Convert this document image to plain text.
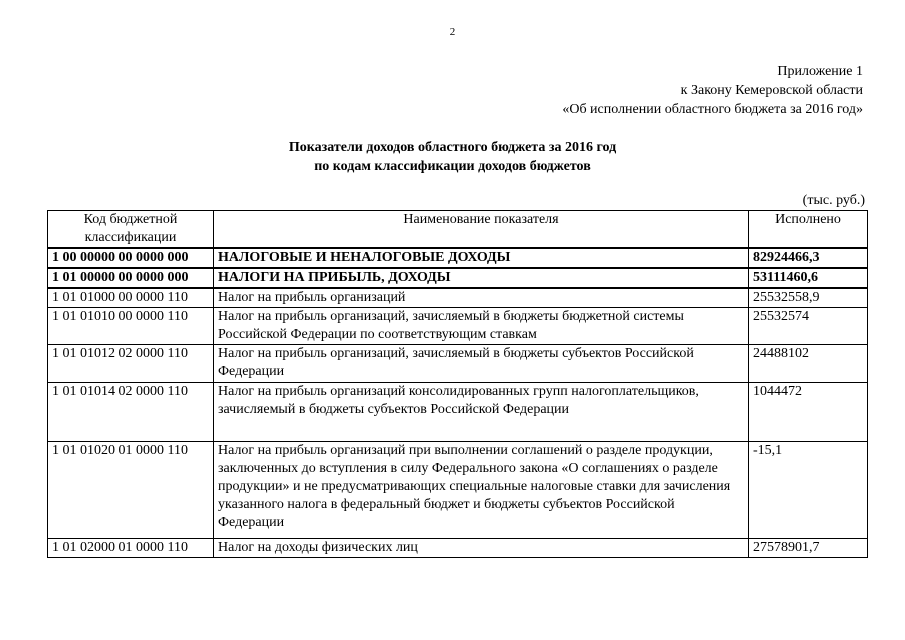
2
Приложение 1
к Закону Кемеровской области
«Об исполнении областного бюджета за 2016 год»
Показатели доходов областного бюджета за 2016 год
по кодам классификации доходов бюджетов
(тыс. руб.)
Код бюджетной классификации	Наименование показателя	Исполнено
1 00 00000 00 0000 000	НАЛОГОВЫЕ И НЕНАЛОГОВЫЕ ДОХОДЫ	82924466,3
1 01 00000 00 0000 000	НАЛОГИ НА ПРИБЫЛЬ, ДОХОДЫ	53111460,6
1 01 01000 00 0000 110	Налог на прибыль организаций	25532558,9
1 01 01010 00 0000 110	Налог на прибыль организаций, зачисляемый в бюджеты бюджетной системы Российской Федерации по соответствующим ставкам	25532574
1 01 01012 02 0000 110	Налог на прибыль организаций, зачисляемый в бюджеты субъектов Российской Федерации	24488102
1 01 01014 02 0000 110	Налог на прибыль организаций консолидированных групп налогоплательщиков, зачисляемый в бюджеты субъектов Российской Федерации	1044472
1 01 01020 01 0000 110	Налог на прибыль организаций при выполнении соглашений о разделе продукции, заключенных до вступления в силу Федерального закона «О соглашениях о разделе продукции» и не предусматривающих специальные налоговые ставки для зачисления указанного налога в федеральный бюджет и бюджеты субъектов Российской Федерации	-15,1
1 01 02000 01 0000 110	Налог на доходы физических лиц	27578901,7
